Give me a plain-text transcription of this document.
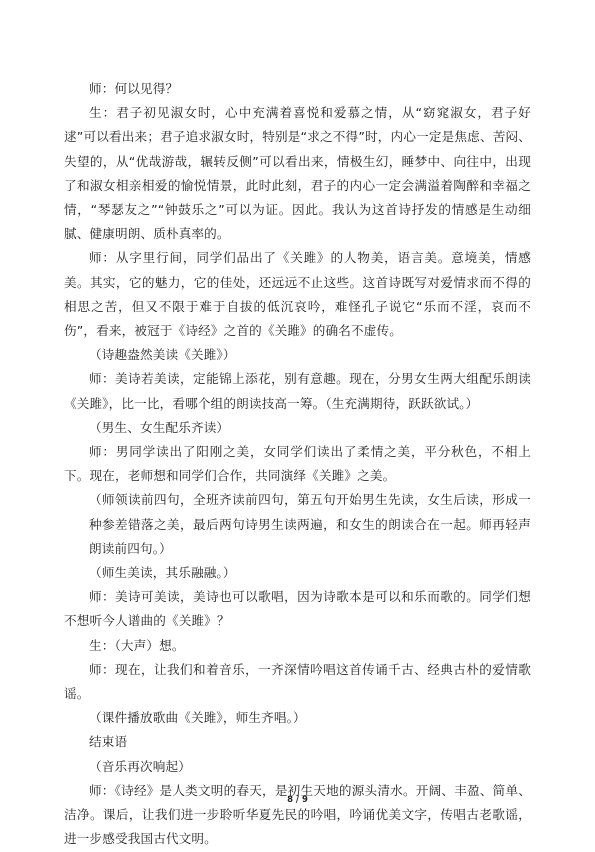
师：何以见得？

生：君子初见淑女时，心中充满着喜悦和爱慕之情，从“窈窕淑女，君子好逑”可以看出来；君子追求淑女时，特别是“求之不得”时，内心一定是焦虑、苦闷、失望的，从“优哉游哉，辗转反侧”可以看出来，情极生幻，睡梦中、向往中，出现了和淑女相亲相爱的愉悦情景，此时此刻，君子的内心一定会满溢着陶醉和幸福之情，“琴瑟友之”“钟鼓乐之”可以为证。因此。我认为这首诗抒发的情感是生动细腻、健康明朗、质朴真率的。

师：从字里行间，同学们品出了《关雎》的人物美，语言美。意境美，情感美。其实，它的魅力，它的佳处，还远远不止这些。这首诗既写对爱情求而不得的相思之苦，但又不限于难于自拔的低沉哀吟，难怪孔子说它“乐而不淫，哀而不伤”，看来，被冠于《诗经》之首的《关雎》的确名不虚传。

（诗趣盎然美读《关雎》）

师：美诗若美读，定能锦上添花，别有意趣。现在，分男女生两大组配乐朗读《关雎》，比一比，看哪个组的朗读技高一筹。（生充满期待，跃跃欲试。）

（男生、女生配乐齐读）

师：男同学读出了阳刚之美，女同学们读出了柔情之美，平分秋色，不相上下。现在，老师想和同学们合作，共同演绎《关雎》之美。

（师领读前四句，全班齐读前四句，第五句开始男生先读，女生后读，形成一种参差错落之美，最后两句诗男生读两遍，和女生的朗读合在一起。师再轻声朗读前四句。）

（师生美读，其乐融融。）

师：美诗可美读，美诗也可以歌唱，因为诗歌本是可以和乐而歌的。同学们想不想听今人谱曲的《关雎》？

生：（大声）想。

师：现在，让我们和着音乐，一齐深情吟唱这首传诵千古、经典古朴的爱情歌谣。

（课件播放歌曲《关雎》，师生齐唱。）

结束语

（音乐再次响起）

师：《诗经》是人类文明的春天，是初生天地的源头清水。开阔、丰盈、简单、洁净。课后，让我们进一步聆听华夏先民的吟唱，吟诵优美文字，传唱古老歌谣，进一步感受我国古代文明。

8 / 9
